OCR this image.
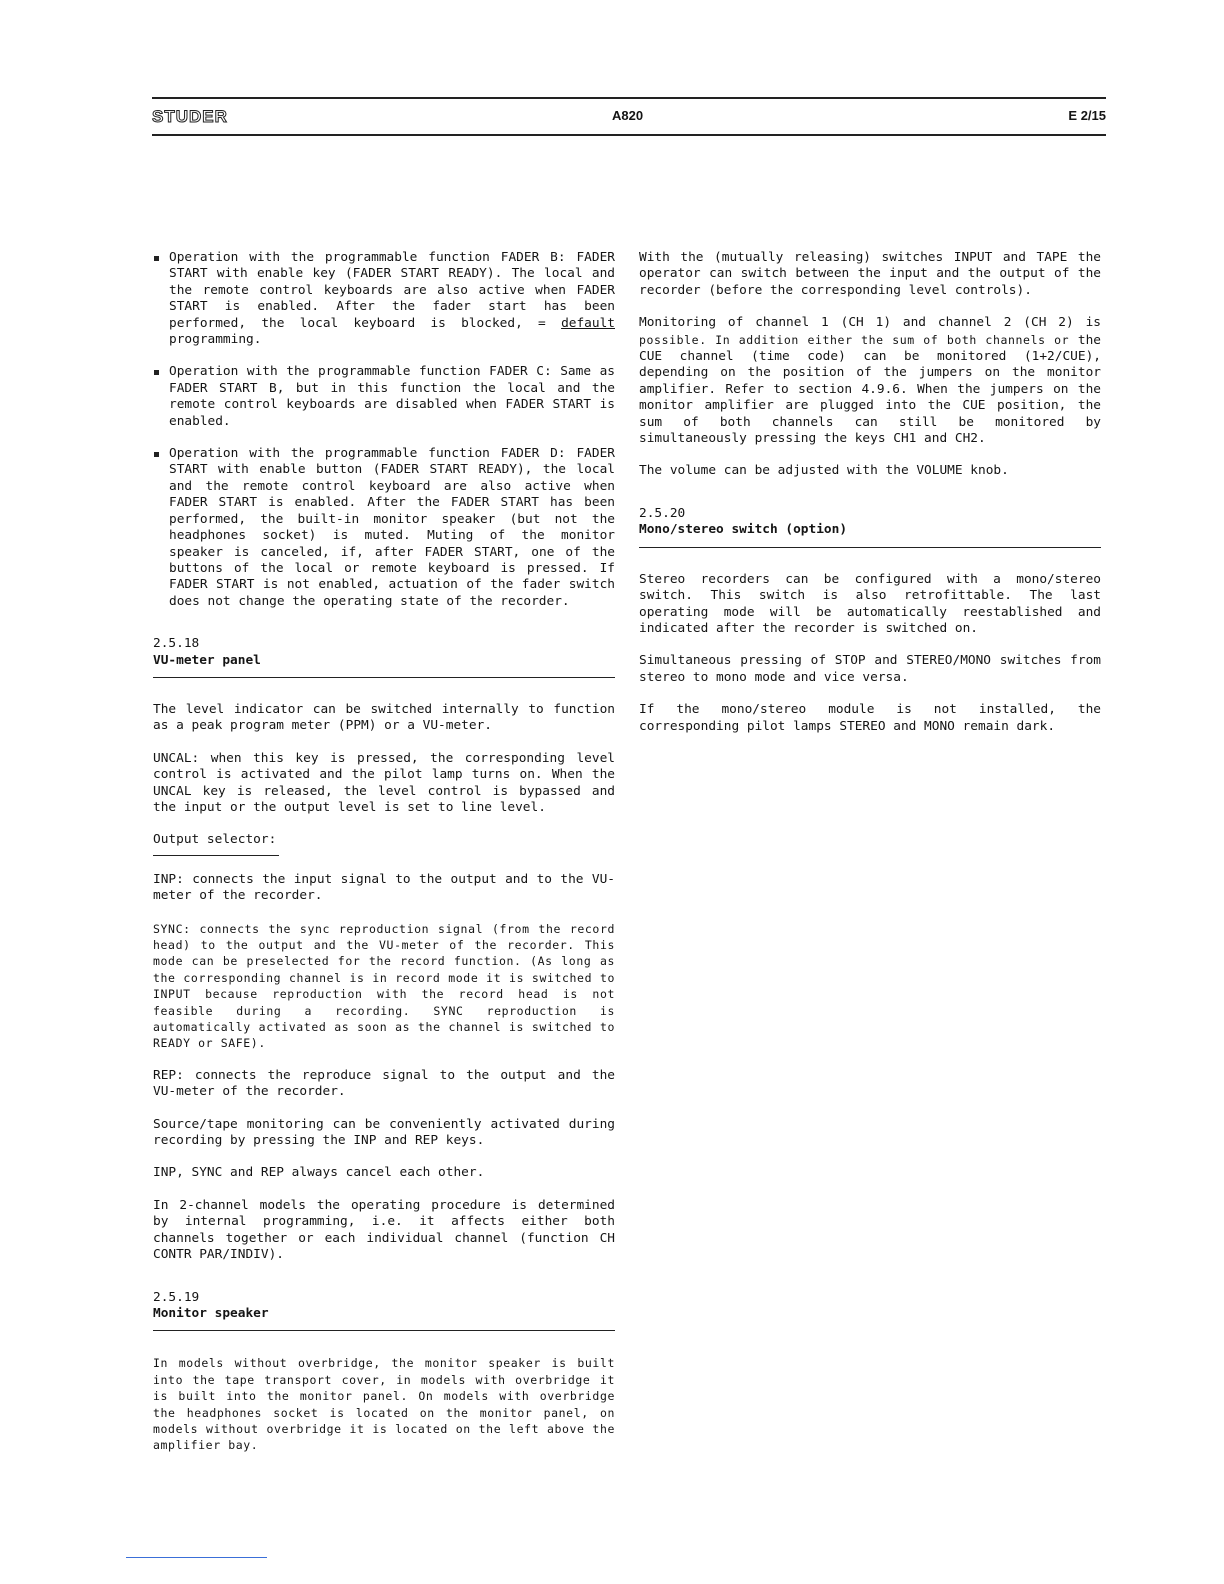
STUDER	A820	E 2/15
Operation with the programmable function FADER B: FADER START with enable key (FADER START READY). The local and the remote control keyboards are also active when FADER START is enabled. After the fader start has been performed, the local keyboard is blocked, = default programming.
Operation with the programmable function FADER C: Same as FADER START B, but in this function the local and the remote control keyboards are disabled when FADER START is enabled.
Operation with the programmable function FADER D: FADER START with enable button (FADER START READY), the local and the remote control keyboard are also active when FADER START is enabled. After the FADER START has been performed, the built-in monitor speaker (but not the headphones socket) is muted. Muting of the monitor speaker is canceled, if, after FADER START, one of the buttons of the local or remote keyboard is pressed. If FADER START is not enabled, actuation of the fader switch does not change the operating state of the recorder.
2.5.18
VU-meter panel

The level indicator can be switched internally to function as a peak program meter (PPM) or a VU-meter.

UNCAL: when this key is pressed, the corresponding level control is activated and the pilot lamp turns on. When the UNCAL key is released, the level control is bypassed and the input or the output level is set to line level.

Output selector:

INP: connects the input signal to the output and to the VU-meter of the recorder.

SYNC: connects the sync reproduction signal (from the record head) to the output and the VU-meter of the recorder. This mode can be preselected for the record function. (As long as the corresponding channel is in record mode it is switched to INPUT because reproduction with the record head is not feasible during a recording. SYNC reproduction is automatically activated as soon as the channel is switched to READY or SAFE).

REP: connects the reproduce signal to the output and the VU-meter of the recorder.

Source/tape monitoring can be conveniently activated during recording by pressing the INP and REP keys.

INP, SYNC and REP always cancel each other.

In 2-channel models the operating procedure is determined by internal programming, i.e. it affects either both channels together or each individual channel (function CH CONTR PAR/INDIV).

2.5.19
Monitor speaker

In models without overbridge, the monitor speaker is built into the tape transport cover, in models with overbridge it is built into the monitor panel. On models with overbridge the headphones socket is located on the monitor panel, on models without overbridge it is located on the left above the amplifier bay.

With the (mutually releasing) switches INPUT and TAPE the operator can switch between the input and the output of the recorder (before the corresponding level controls).

Monitoring of channel 1 (CH 1) and channel 2 (CH 2) is possible. In addition either the sum of both channels or the CUE channel (time code) can be monitored (1+2/CUE), depending on the position of the jumpers on the monitor amplifier. Refer to section 4.9.6. When the jumpers on the monitor amplifier are plugged into the CUE position, the sum of both channels can still be monitored by simultaneously pressing the keys CH1 and CH2.

The volume can be adjusted with the VOLUME knob.

2.5.20
Mono/stereo switch (option)

Stereo recorders can be configured with a mono/stereo switch. This switch is also retrofittable. The last operating mode will be automatically reestablished and indicated after the recorder is switched on.

Simultaneous pressing of STOP and STEREO/MONO switches from stereo to mono mode and vice versa.

If the mono/stereo module is not installed, the corresponding pilot lamps STEREO and MONO remain dark.
